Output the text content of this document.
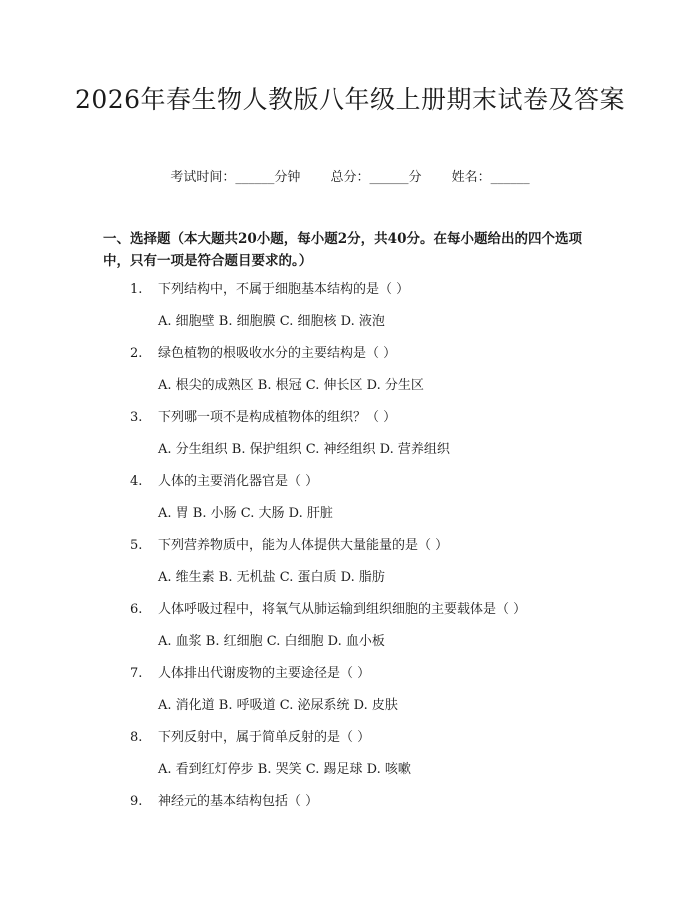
2026年春生物人教版八年级上册期末试卷及答案
考试时间：______分钟 总分：______分 姓名：______
一、选择题（本大题共20小题，每小题2分，共40分。在每小题给出的四个选项中，只有一项是符合题目要求的。）
1. 下列结构中，不属于细胞基本结构的是（ ）
A. 细胞壁 B. 细胞膜 C. 细胞核 D. 液泡
2. 绿色植物的根吸收水分的主要结构是（ ）
A. 根尖的成熟区 B. 根冠 C. 伸长区 D. 分生区
3. 下列哪一项不是构成植物体的组织？（ ）
A. 分生组织 B. 保护组织 C. 神经组织 D. 营养组织
4. 人体的主要消化器官是（ ）
A. 胃 B. 小肠 C. 大肠 D. 肝脏
5. 下列营养物质中，能为人体提供大量能量的是（ ）
A. 维生素 B. 无机盐 C. 蛋白质 D. 脂肪
6. 人体呼吸过程中，将氧气从肺运输到组织细胞的主要载体是（ ）
A. 血浆 B. 红细胞 C. 白细胞 D. 血小板
7. 人体排出代谢废物的主要途径是（ ）
A. 消化道 B. 呼吸道 C. 泌尿系统 D. 皮肤
8. 下列反射中，属于简单反射的是（ ）
A. 看到红灯停步 B. 哭笑 C. 踢足球 D. 咳嗽
9. 神经元的基本结构包括（ ）
